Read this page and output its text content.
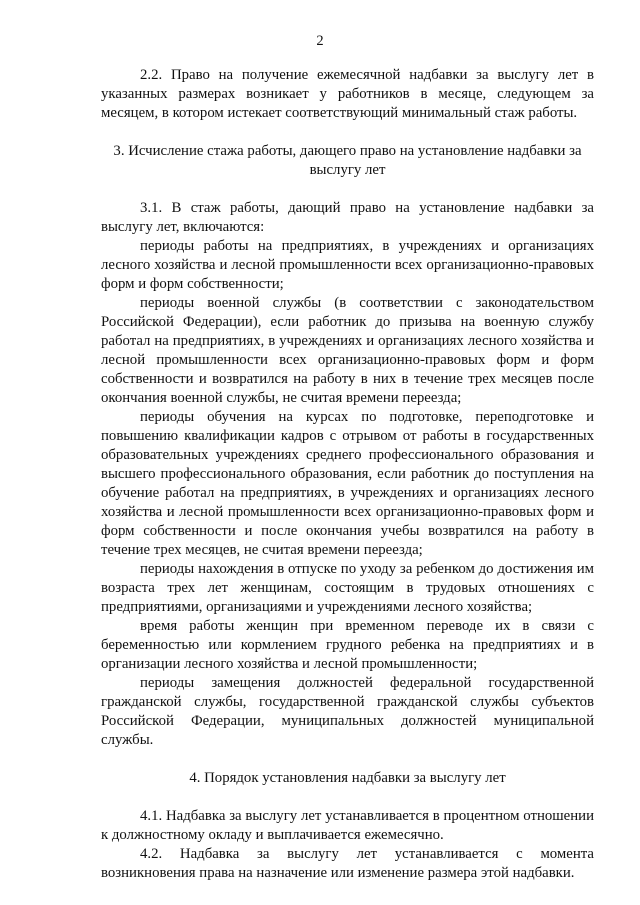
2

2.2. Право на получение ежемесячной надбавки за выслугу лет в указанных размерах возникает у работников в месяце, следующем за месяцем, в котором истекает соответствующий минимальный стаж работы.

3. Исчисление стажа работы, дающего право на установление надбавки за выслугу лет

3.1. В стаж работы, дающий право на установление надбавки за выслугу лет, включаются:

периоды работы на предприятиях, в учреждениях и организациях лесного хозяйства и лесной промышленности всех организационно-правовых форм и форм собственности;

периоды военной службы (в соответствии с законодательством Российской Федерации), если работник до призыва на военную службу работал на предприятиях, в учреждениях и организациях лесного хозяйства и лесной промышленности всех организационно-правовых форм и форм собственности и возвратился на работу в них в течение трех месяцев после окончания военной службы, не считая времени переезда;

периоды обучения на курсах по подготовке, переподготовке и повышению квалификации кадров с отрывом от работы в государственных образовательных учреждениях среднего профессионального образования и высшего профессионального образования, если работник до поступления на обучение работал на предприятиях, в учреждениях и организациях лесного хозяйства и лесной промышленности всех организационно-правовых форм и форм собственности и после окончания учебы возвратился на работу в течение трех месяцев, не считая времени переезда;

периоды нахождения в отпуске по уходу за ребенком до достижения им возраста трех лет женщинам, состоящим в трудовых отношениях с предприятиями, организациями и учреждениями лесного хозяйства;

время работы женщин при временном переводе их в связи с беременностью или кормлением грудного ребенка на предприятиях и в организации лесного хозяйства и лесной промышленности;

периоды замещения должностей федеральной государственной гражданской службы, государственной гражданской службы субъектов Российской Федерации, муниципальных должностей муниципальной службы.

4. Порядок установления надбавки за выслугу лет

4.1. Надбавка за выслугу лет устанавливается в процентном отношении к должностному окладу и выплачивается ежемесячно.

4.2. Надбавка за выслугу лет устанавливается с момента возникновения права на назначение или изменение размера этой надбавки.
